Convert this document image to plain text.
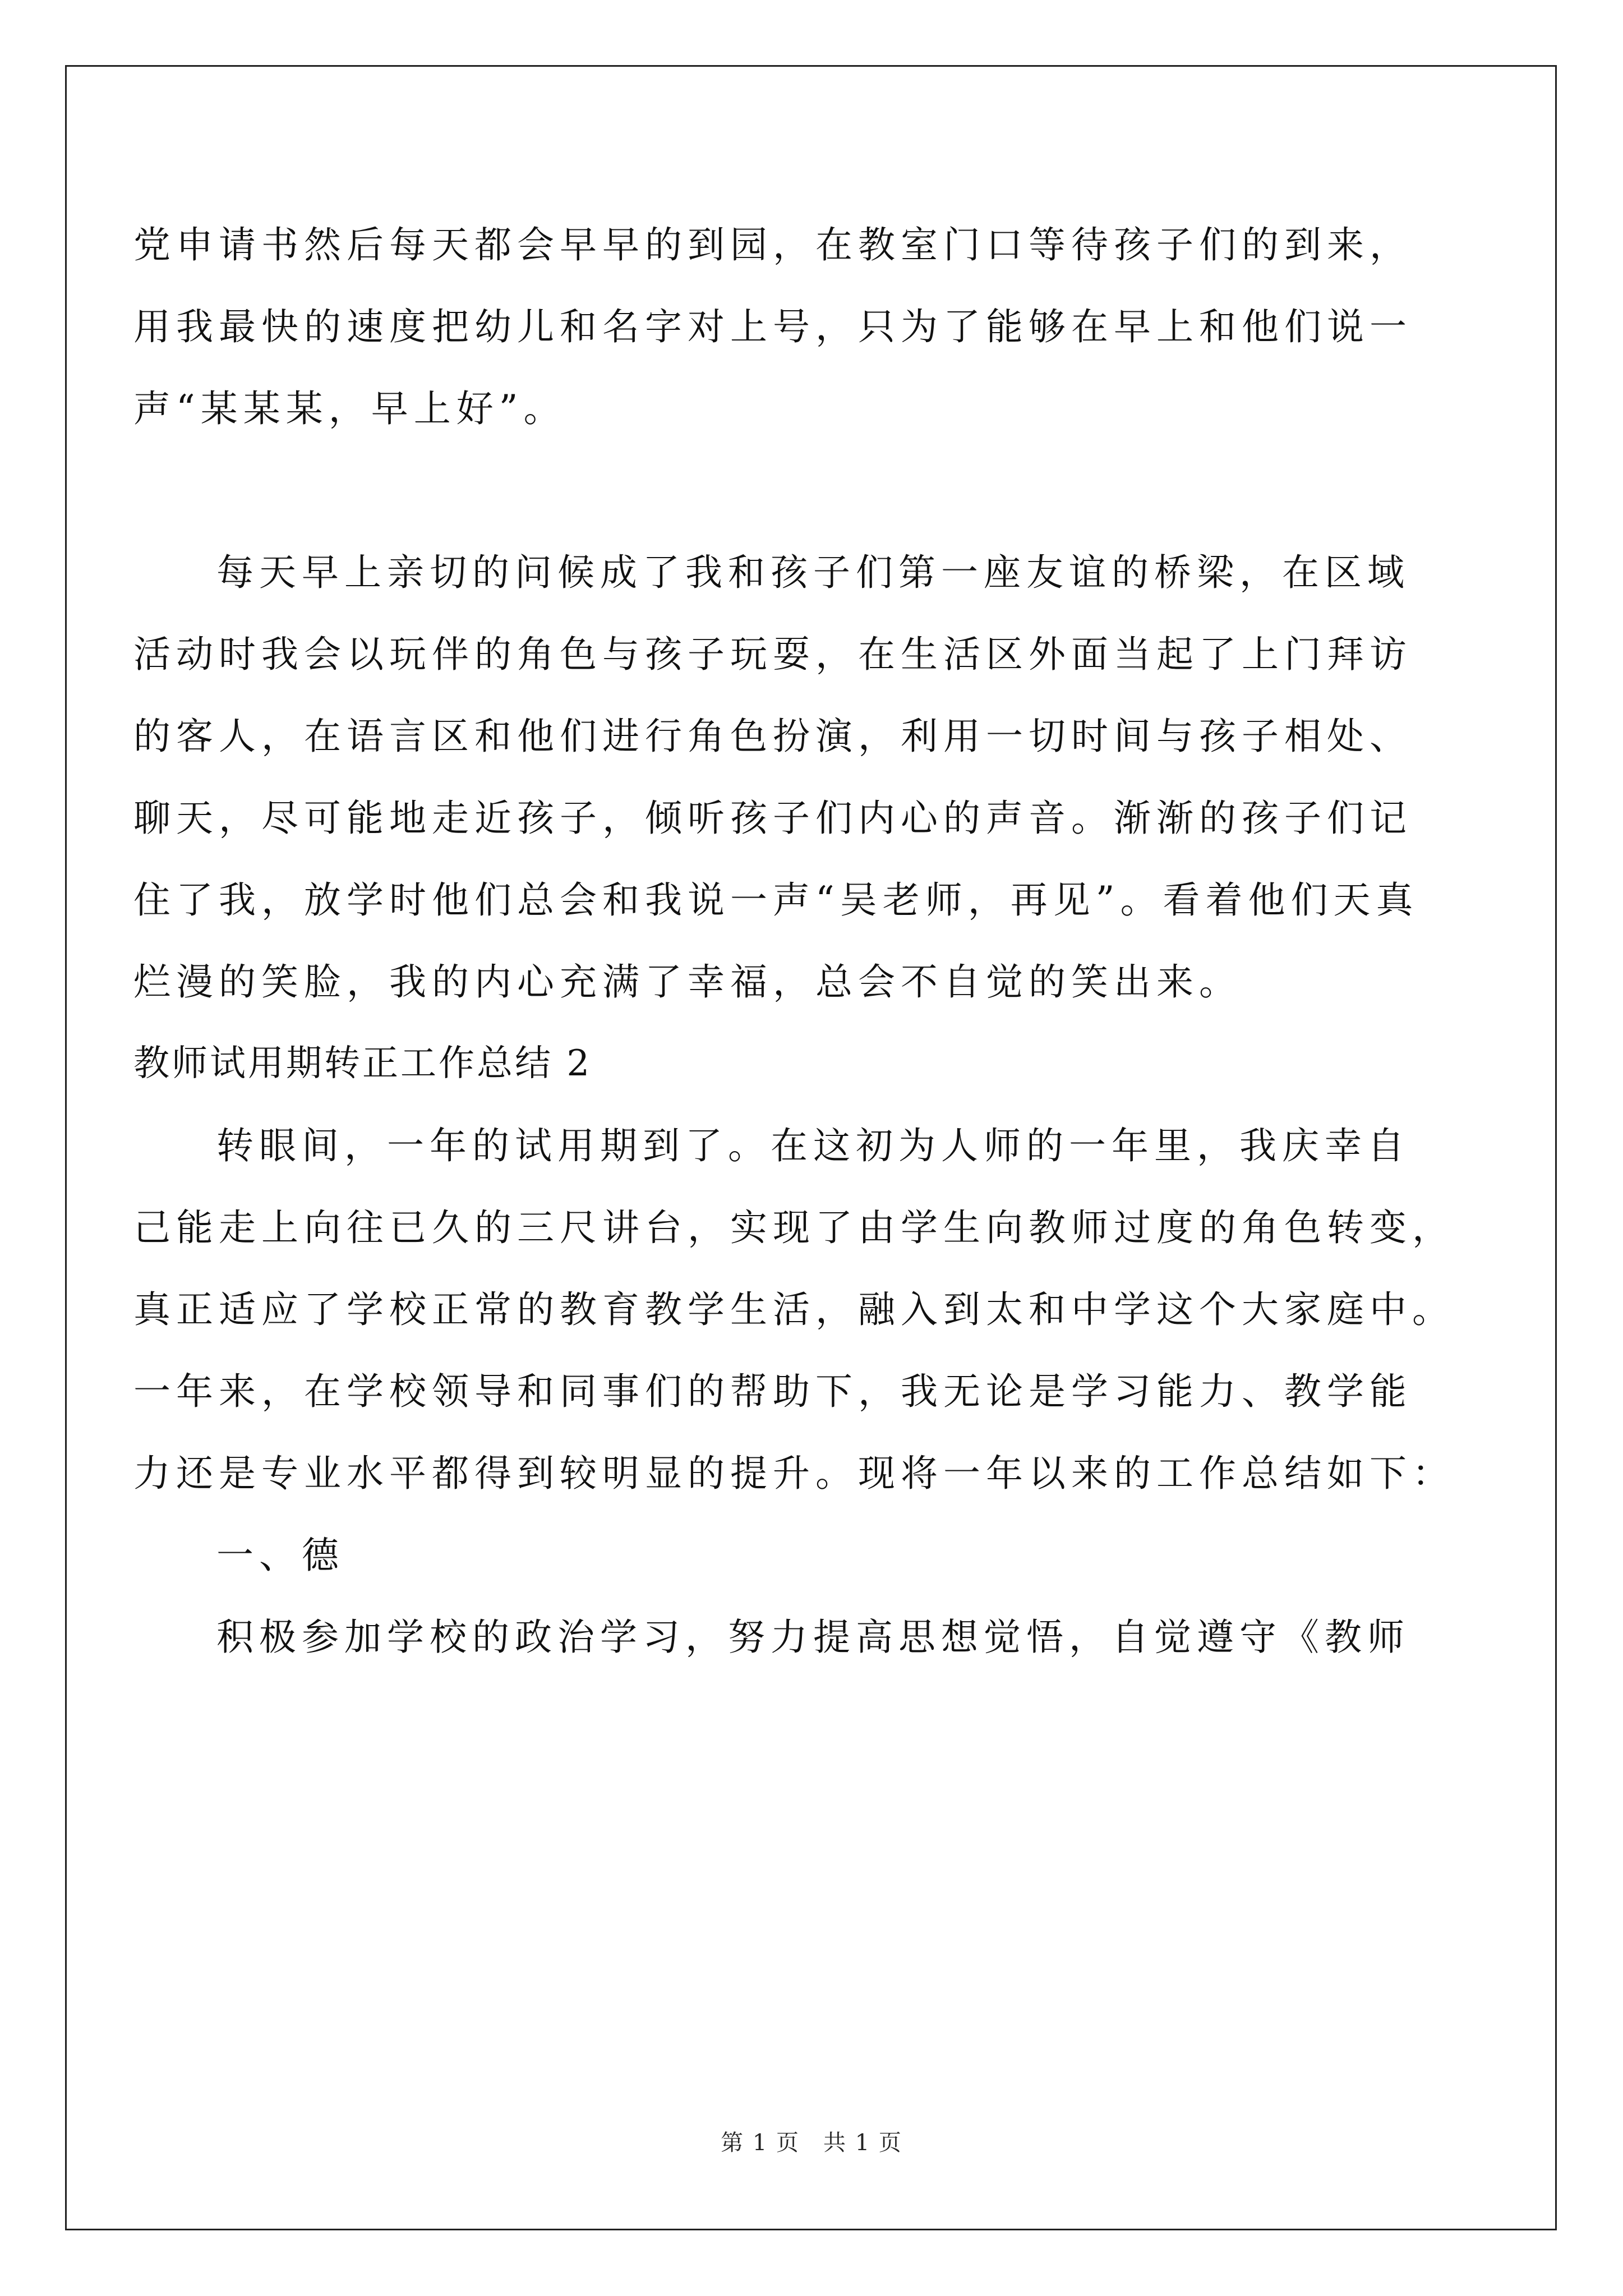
党申请书然后每天都会早早的到园，在教室门口等待孩子们的到来，
用我最快的速度把幼儿和名字对上号，只为了能够在早上和他们说一
声“某某某，早上好”。
每天早上亲切的问候成了我和孩子们第一座友谊的桥梁，在区域
活动时我会以玩伴的角色与孩子玩耍，在生活区外面当起了上门拜访
的客人，在语言区和他们进行角色扮演，利用一切时间与孩子相处、
聊天，尽可能地走近孩子，倾听孩子们内心的声音。渐渐的孩子们记
住了我，放学时他们总会和我说一声“吴老师，再见”。看着他们天真
烂漫的笑脸，我的内心充满了幸福，总会不自觉的笑出来。
教师试用期转正工作总结 2
转眼间，一年的试用期到了。在这初为人师的一年里，我庆幸自
己能走上向往已久的三尺讲台，实现了由学生向教师过度的角色转变，
真正适应了学校正常的教育教学生活，融入到太和中学这个大家庭中。
一年来，在学校领导和同事们的帮助下，我无论是学习能力、教学能
力还是专业水平都得到较明显的提升。现将一年以来的工作总结如下：
一、德
积极参加学校的政治学习，努力提高思想觉悟，自觉遵守《教师
第 1 页　共 1 页
